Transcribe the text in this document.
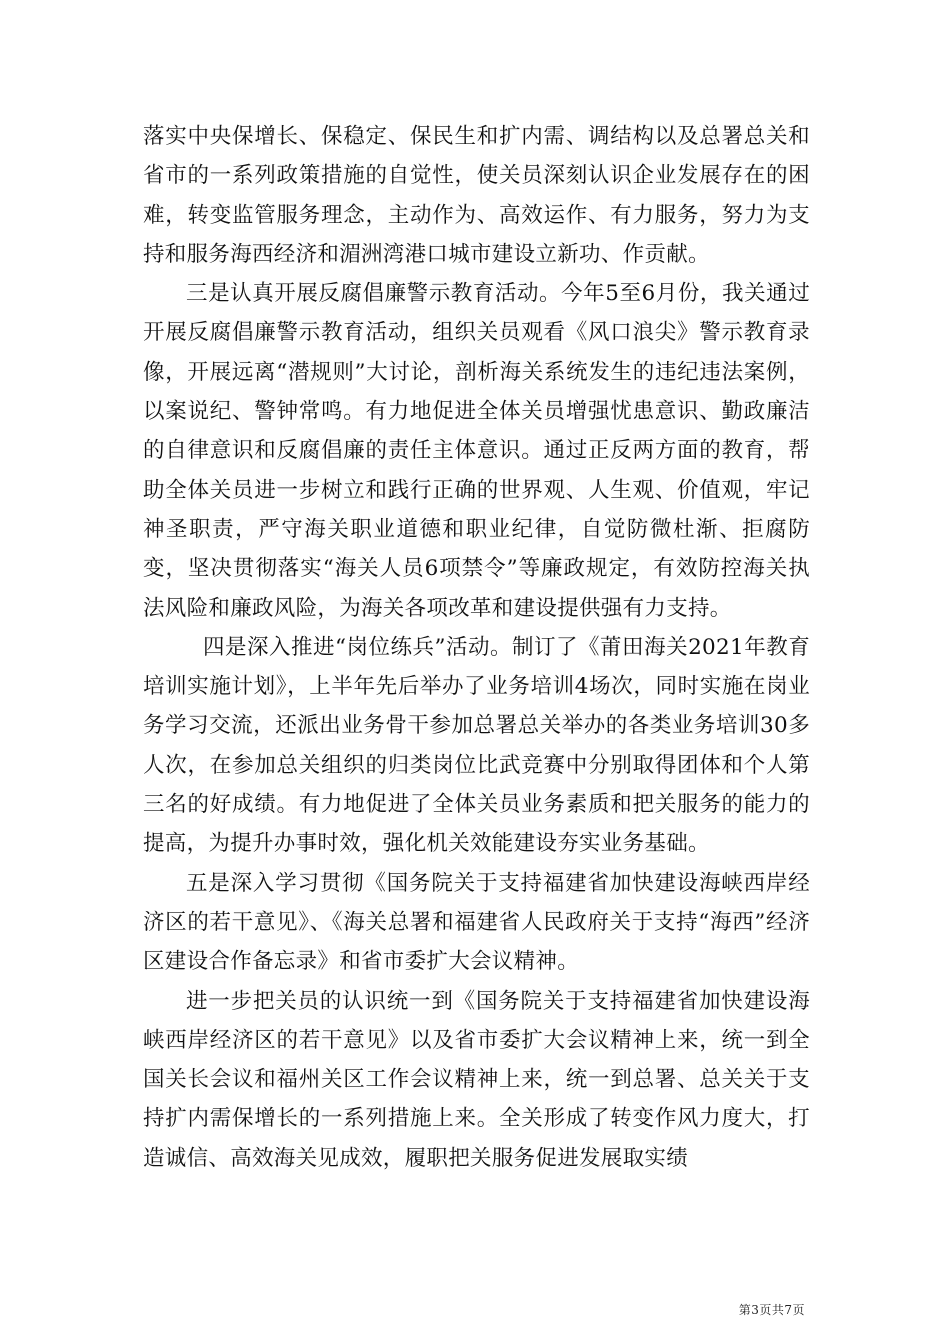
落实中央保增长、保稳定、保民生和扩内需、调结构以及总署总关和省市的一系列政策措施的自觉性，使关员深刻认识企业发展存在的困难，转变监管服务理念，主动作为、高效运作、有力服务，努力为支持和服务海西经济和湄洲湾港口城市建设立新功、作贡献。

三是认真开展反腐倡廉警示教育活动。今年5至6月份，我关通过开展反腐倡廉警示教育活动，组织关员观看《风口浪尖》警示教育录像，开展远离“潜规则”大讨论，剖析海关系统发生的违纪违法案例，以案说纪、警钟常鸣。有力地促进全体关员增强忧患意识、勤政廉洁的自律意识和反腐倡廉的责任主体意识。通过正反两方面的教育，帮助全体关员进一步树立和践行正确的世界观、人生观、价值观，牢记神圣职责，严守海关职业道德和职业纪律，自觉防微杜渐、拒腐防变，坚决贯彻落实“海关人员6项禁令”等廉政规定，有效防控海关执法风险和廉政风险，为海关各项改革和建设提供强有力支持。

四是深入推进“岗位练兵”活动。制订了《莆田海关2021年教育培训实施计划》，上半年先后举办了业务培训4场次，同时实施在岗业务学习交流，还派出业务骨干参加总署总关举办的各类业务培训30多人次，在参加总关组织的归类岗位比武竞赛中分别取得团体和个人第三名的好成绩。有力地促进了全体关员业务素质和把关服务的能力的提高，为提升办事时效，强化机关效能建设夯实业务基础。

五是深入学习贯彻《国务院关于支持福建省加快建设海峡西岸经济区的若干意见》、《海关总署和福建省人民政府关于支持“海西”经济区建设合作备忘录》和省市委扩大会议精神。

进一步把关员的认识统一到《国务院关于支持福建省加快建设海峡西岸经济区的若干意见》以及省市委扩大会议精神上来，统一到全国关长会议和福州关区工作会议精神上来，统一到总署、总关关于支持扩内需保增长的一系列措施上来。全关形成了转变作风力度大，打造诚信、高效海关见成效，履职把关服务促进发展取实绩

第3页共7页
